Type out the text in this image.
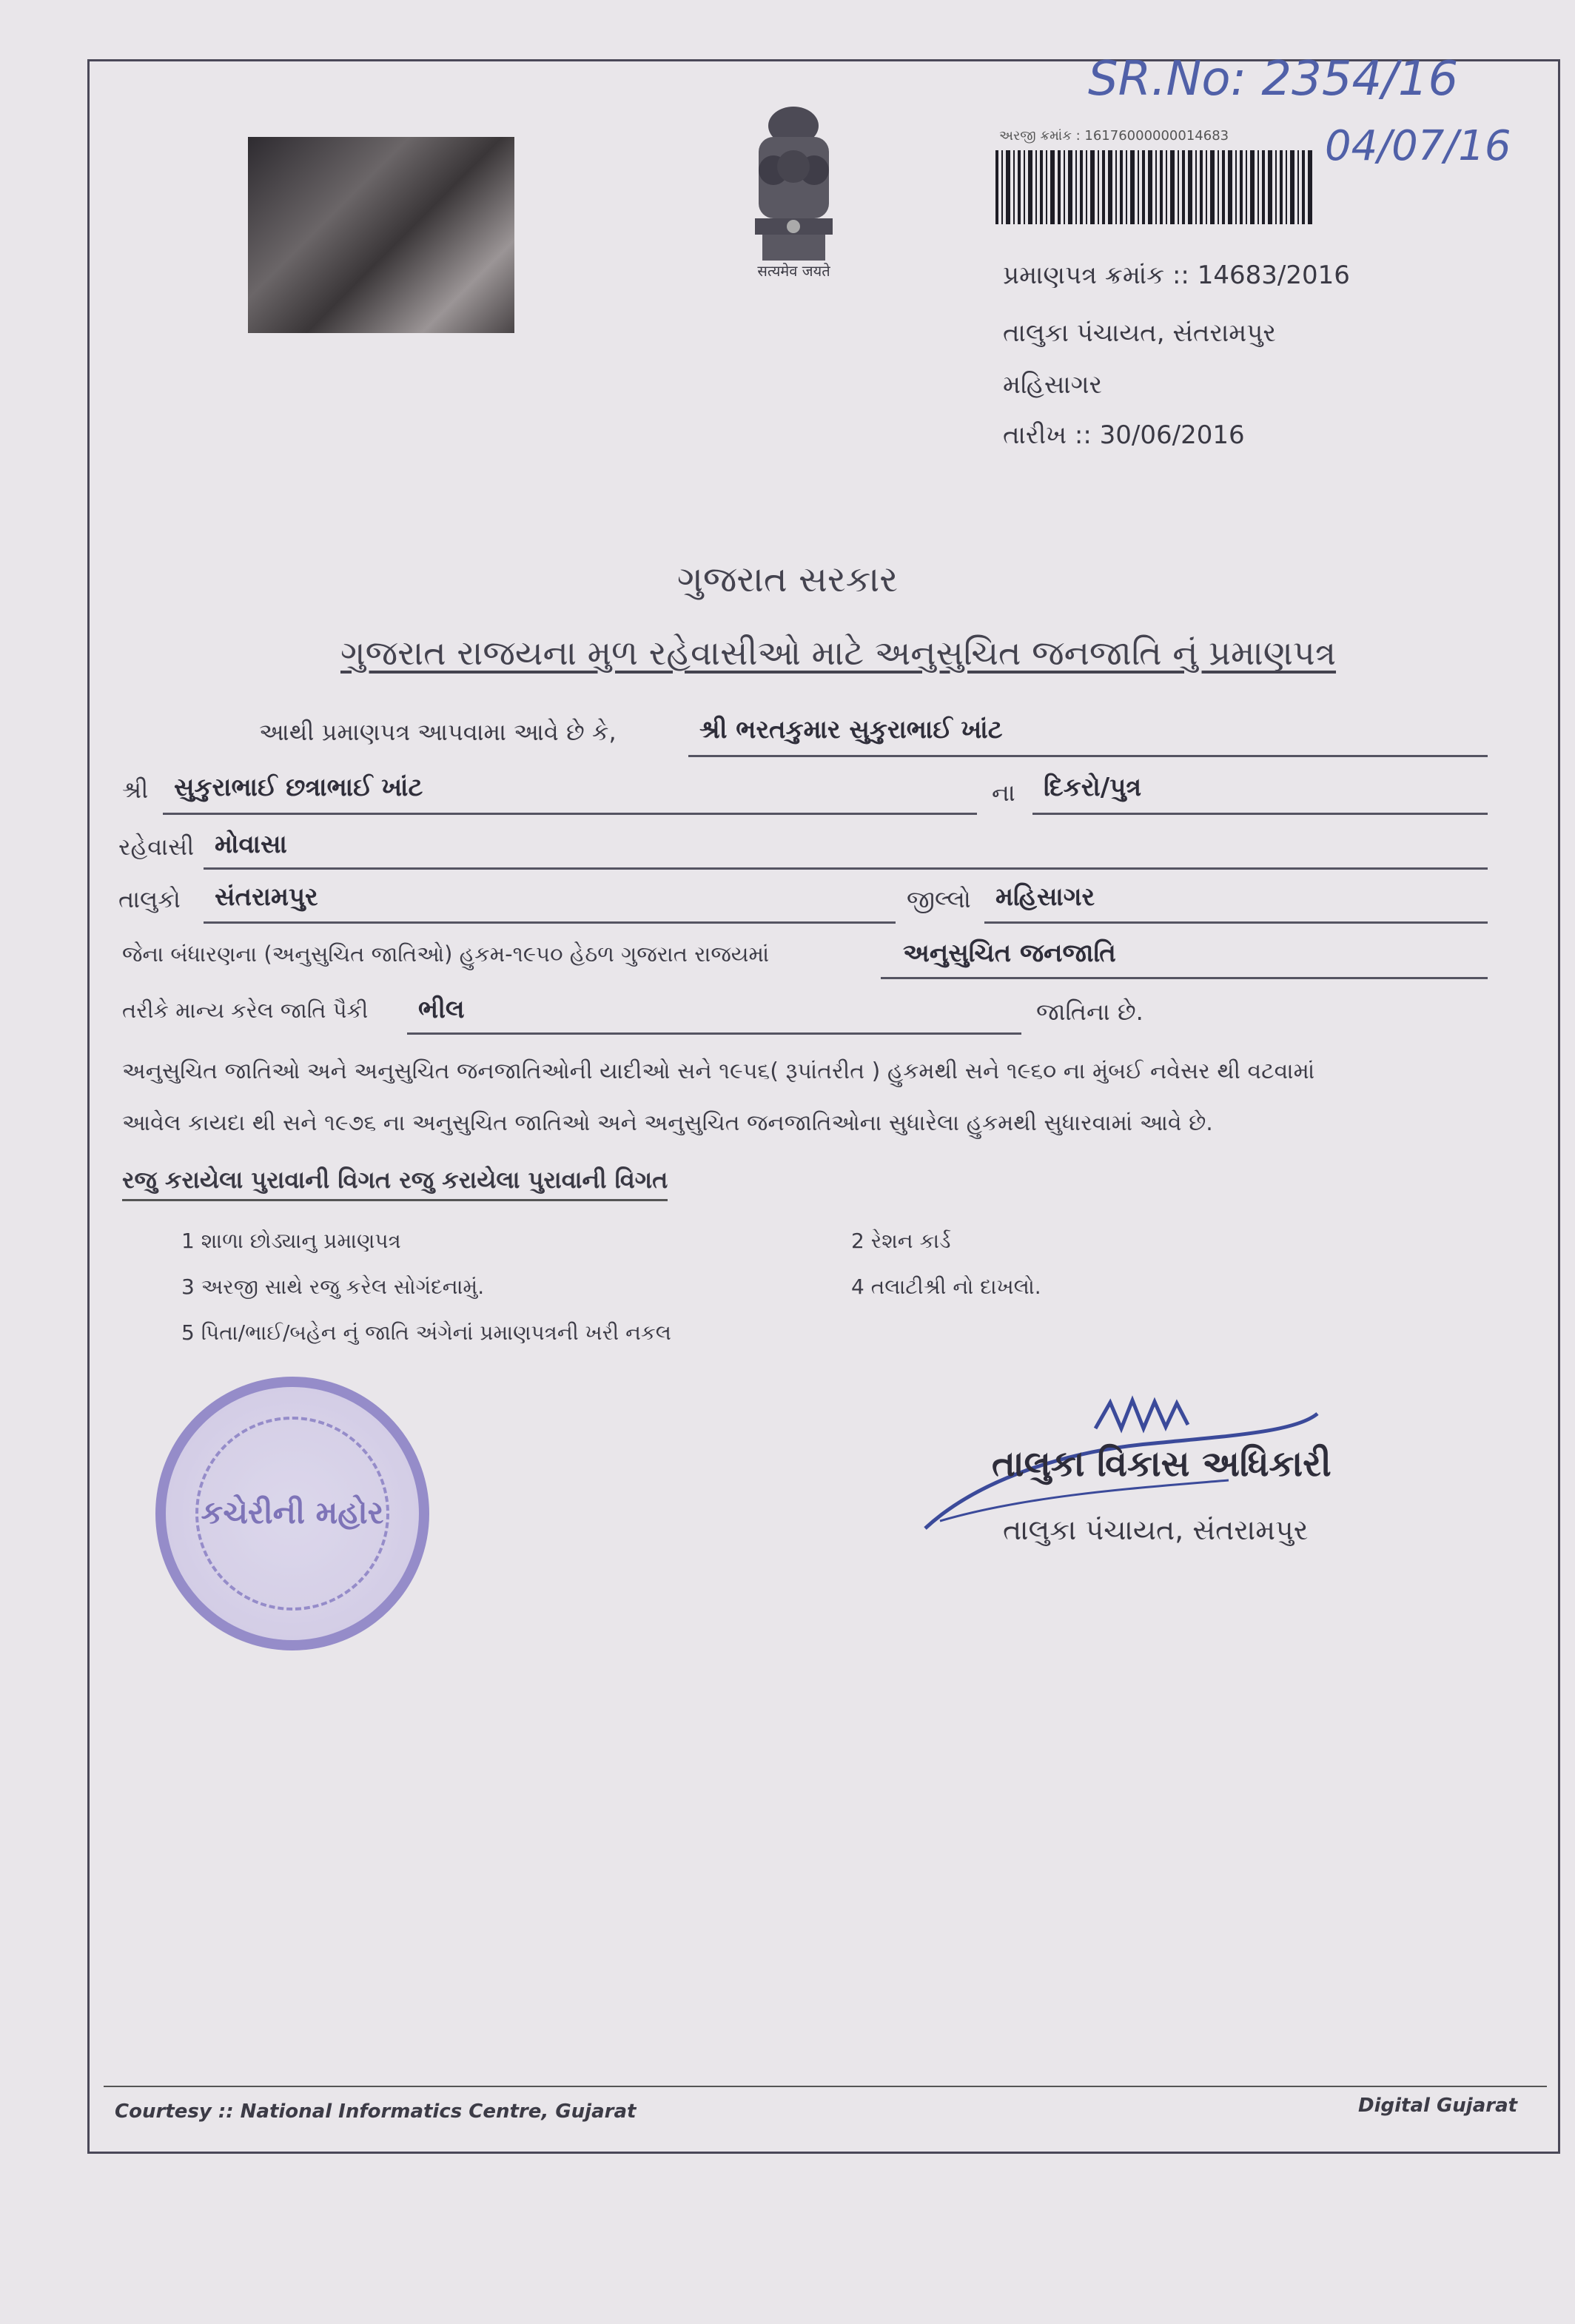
सत्यमेव जयते
અરજી ક્રમાંક : 16176000000014683
SR.No: 2354/16
04/07/16
પ્રમાણપત્ર ક્રમાંક :: 14683/2016
તાલુકા પંચાયત, સંતરામપુર
મહિસાગર
તારીખ :: 30/06/2016
ગુજરાત સરકાર
ગુજરાત રાજયના મુળ રહેવાસીઓ માટે અનુસુચિત જનજાતિ નું પ્રમાણપત્ર
આથી પ્રમાણપત્ર આપવામા આવે છે કે,	શ્રી ભરતકુમાર સુકુરાભાઈ ખાંટ
શ્રી સુકુરાભાઈ છત્રાભાઈ ખાંટ	ના દિકરો/પુત્ર
રહેવાસી મોવાસા
તાલુકો સંતરામપુર	જીલ્લો મહિસાગર
જેના બંધારણના (અનુસુચિત જાતિઓ) હુકમ-૧૯૫૦ હેઠળ ગુજરાત રાજયમાં	અનુસુચિત જનજાતિ
તરીકે માન્ય કરેલ જાતિ પૈકી ભીલ	જાતિના છે.
અનુસુચિત જાતિઓ અને અનુસુચિત જનજાતિઓની યાદીઓ સને ૧૯૫૬( રૂપાંતરીત ) હુકમથી સને ૧૯૬૦ ના મુંબઈ નવેસર થી વટવામાં
આવેલ કાયદા થી સને ૧૯૭૬ ના અનુસુચિત જાતિઓ અને અનુસુચિત જનજાતિઓના સુધારેલા હુકમથી સુધારવામાં આવે છે.
રજુ કરાયેલા પુરાવાની વિગત રજુ કરાયેલા પુરાવાની વિગત
1 શાળા છોડ્યાનુ પ્રમાણપત્ર	2 રેશન કાર્ડ
3 અરજી સાથે રજુ કરેલ સોગંદનામું.	4 તલાટીશ્રી નો દાખલો.
5 પિતા/ભાઈ/બહેન નું જાતિ અંગેનાં પ્રમાણપત્રની ખરી નકલ
કચેરીની મહોર
તાલુકા વિકાસ અધિકારી
તાલુકા પંચાયત, સંતરામપુર
Courtesy :: National Informatics Centre, Gujarat	Digital Gujarat
